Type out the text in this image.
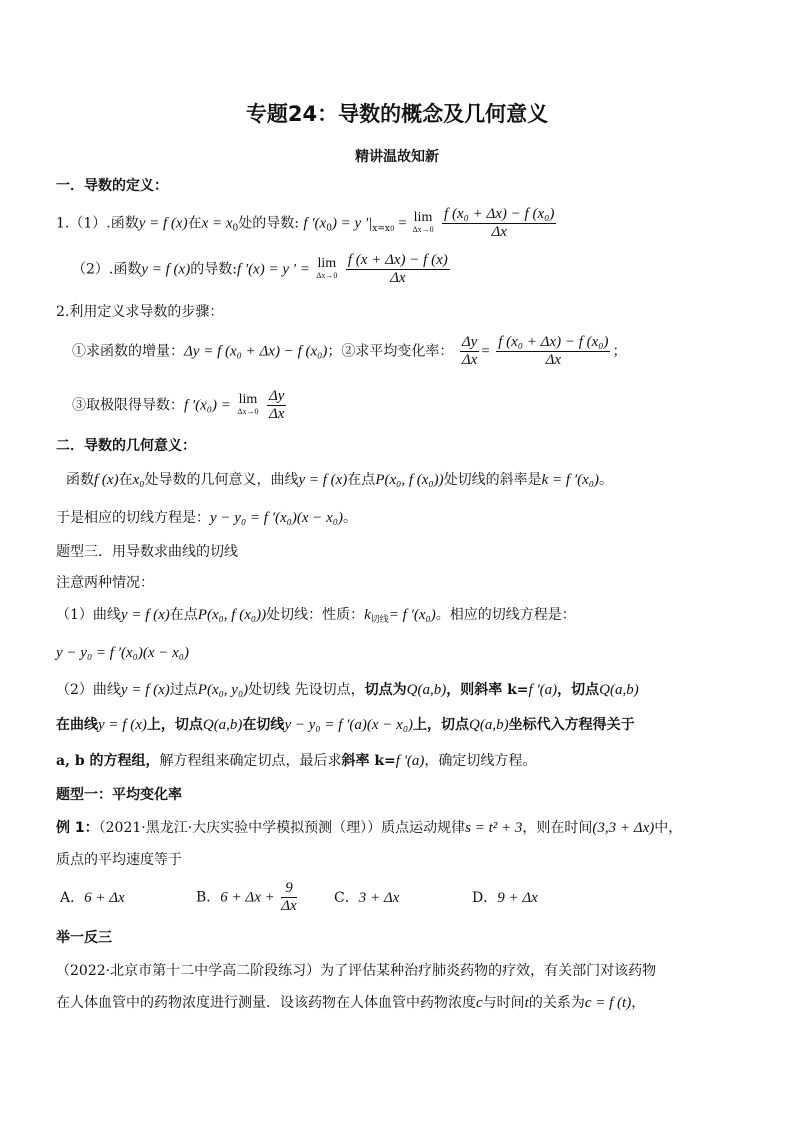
专题24：导数的概念及几何意义
精讲温故知新
一．导数的定义：
1.（1）.函数y = f (x)在$x = x_0$处的导数: f '$(x_0) = y$ '$|_{x=x0} = \lim$
Δx→0
$\frac{\text{f (x₀ + Δx) − f (x₀)}}{\Delta x}$
（2）.函数y = f (x)的导数:f '(x) = y ' = lim
Δx→0
$\frac{f (x + \Delta x) - f (x)}{\Delta x}$
2.利用定义求导数的步骤：
①求函数的增量：Δy = f (x₀ + Δx) − f (x₀)；②求平均变化率： $\frac{\Delta y}{\Delta x} = \frac{\text{f (x₀ + Δx) − f (x₀)}}{\Delta x}$ ；
③取极限得导数：f '(x₀) = lim
Δx→0
$\frac{\Delta y}{\Delta x}$
二．导数的几何意义：
函数f (x)在x₀处导数的几何意义，曲线y = f (x)在点P(x₀, f (x₀))处切线的斜率是k = f ′(x₀)。
于是相应的切线方程是：y − y₀ = f ′(x₀)(x − x₀)。
题型三．用导数求曲线的切线
注意两种情况：
（1）曲线y = f (x)在点P(x₀, f (x₀))处切线：性质：$k_{切线}= f$ ′(x₀)。相应的切线方程是：
y − y₀ = f ′(x₀)(x − x₀)
（2）曲线y = f (x)过点P(x₀, y₀)处切线 先设切点，切点为Q(a,b)，则斜率 k=f '(a)，切点Q(a,b)
在曲线y = f (x)上，切点Q(a,b)在切线y − y₀ = f ′(a)(x − x₀)上，切点Q(a,b)坐标代入方程得关于
a, b 的方程组，解方程组来确定切点，最后求斜率 k=f '(a)，确定切线方程。
题型一：平均变化率
例 1：（2021·黑龙江·大庆实验中学模拟预测（理））质点运动规律s = t² + 3，则在时间(3,3 + Δx)中，
质点的平均速度等于
A．6 + Δx	B．$6 + \Delta x + \frac{9}{\Delta x}$	C．3 + Δx	D．9 + Δx
举一反三
（2022·北京市第十二中学高二阶段练习）为了评估某种治疗肺炎药物的疗效，有关部门对该药物
在人体血管中的药物浓度进行测量．设该药物在人体血管中药物浓度c与时间t的关系为c = f (t)，
